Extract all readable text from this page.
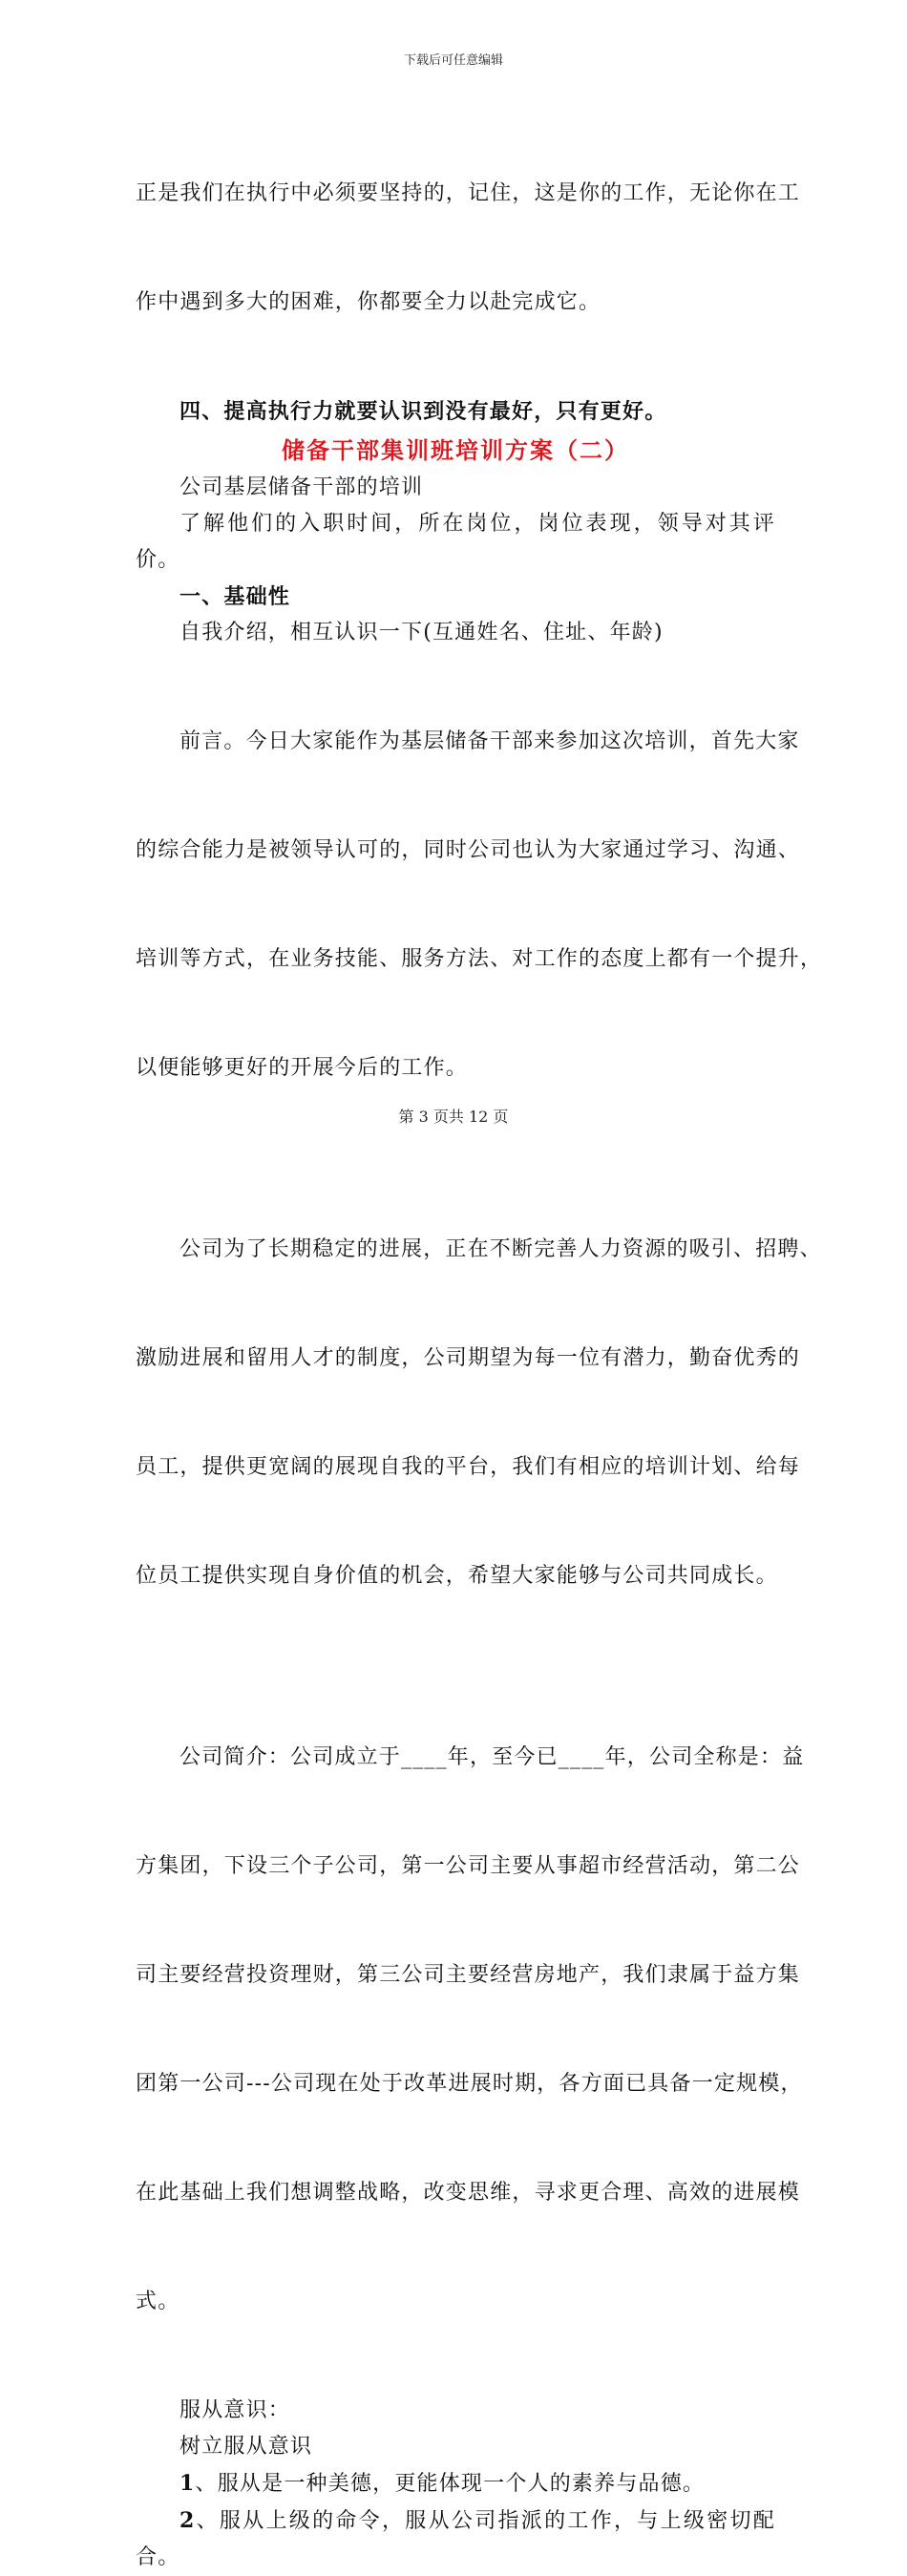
下载后可任意编辑

正是我们在执行中必须要坚持的，记住，这是你的工作，无论你在工

作中遇到多大的困难，你都要全力以赴完成它。

四、提高执行力就要认识到没有最好，只有更好。

储备干部集训班培训方案（二）

公司基层储备干部的培训

了解他们的入职时间，所在岗位，岗位表现，领导对其评价。

一、基础性

自我介绍，相互认识一下(互通姓名、住址、年龄)

前言。今日大家能作为基层储备干部来参加这次培训，首先大家

的综合能力是被领导认可的，同时公司也认为大家通过学习、沟通、

培训等方式，在业务技能、服务方法、对工作的态度上都有一个提升，

以便能够更好的开展今后的工作。

公司为了长期稳定的进展，正在不断完善人力资源的吸引、招聘、

激励进展和留用人才的制度，公司期望为每一位有潜力，勤奋优秀的

员工，提供更宽阔的展现自我的平台，我们有相应的培训计划、给每

位员工提供实现自身价值的机会，希望大家能够与公司共同成长。

公司简介：公司成立于____年，至今已____年，公司全称是：益

方集团，下设三个子公司，第一公司主要从事超市经营活动，第二公

司主要经营投资理财，第三公司主要经营房地产，我们隶属于益方集

团第一公司---公司现在处于改革进展时期，各方面已具备一定规模，

在此基础上我们想调整战略，改变思维，寻求更合理、高效的进展模

式。

服从意识：

树立服从意识

1、服从是一种美德，更能体现一个人的素养与品德。

2、服从上级的命令，服从公司指派的工作，与上级密切配合。

第 3 页共 12 页
